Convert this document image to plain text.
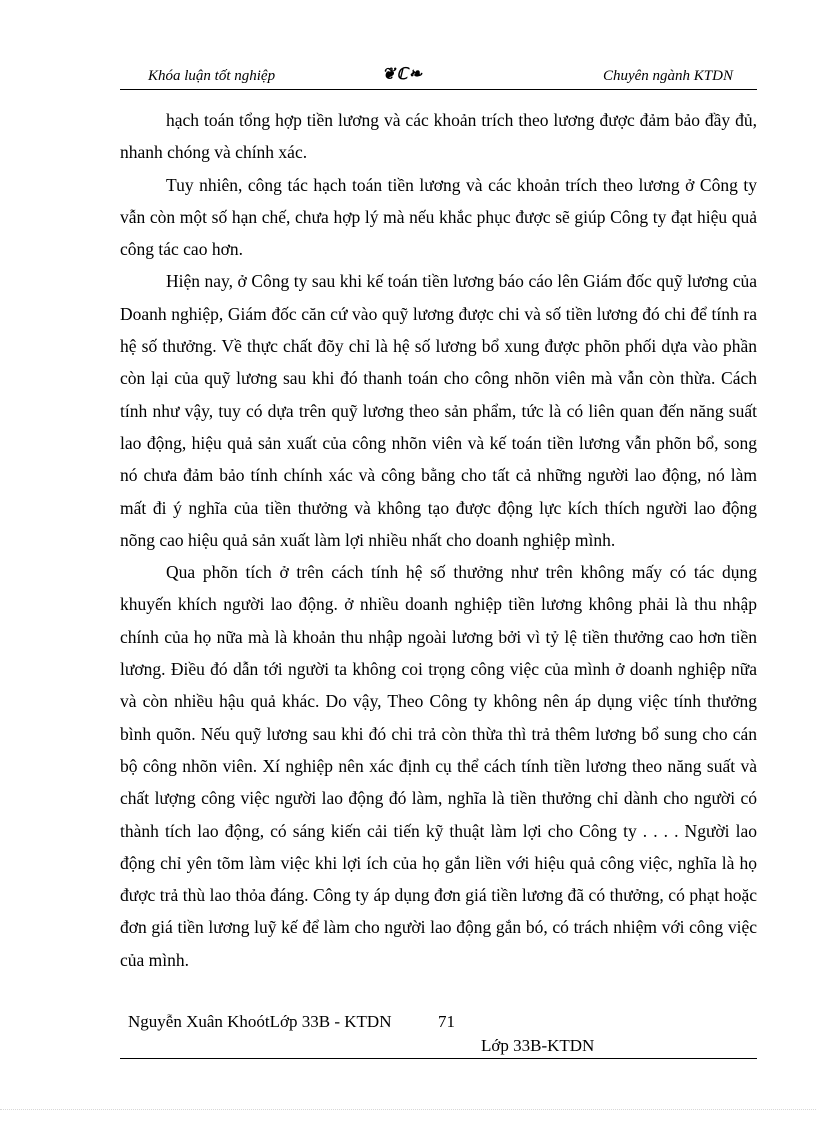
Khóa luận tốt nghiệp	❦ℂ❧	Chuyên ngành KTDN

hạch toán tổng hợp tiền lương và các khoản trích theo lương được đảm bảo đầy đủ, nhanh chóng và chính xác.

Tuy nhiên, công tác hạch toán tiền lương và các khoản trích theo lương ở Công ty vẫn còn một số hạn chế, chưa hợp lý mà nếu khắc phục được sẽ giúp Công ty đạt hiệu quả công tác cao hơn.

Hiện nay, ở Công ty sau khi kế toán tiền lương báo cáo lên Giám đốc quỹ lương của Doanh nghiệp, Giám đốc căn cứ vào quỹ lương được chi và số tiền lương đó chi để tính ra hệ số thưởng. Về thực chất đõy chỉ là hệ số lương bổ xung được phõn phối dựa vào phần còn lại của quỹ lương sau khi đó thanh toán cho công nhõn viên mà vẫn còn thừa. Cách tính như vậy, tuy có dựa trên quỹ lương theo sản phẩm, tức là có liên quan đến năng suất lao động, hiệu quả sản xuất của công nhõn viên và kế toán tiền lương vẫn phõn bổ, song nó chưa đảm bảo tính chính xác và công bằng cho tất cả những người lao động, nó làm mất đi ý nghĩa của tiền thưởng và không tạo được động lực kích thích người lao động nõng cao hiệu quả sản xuất làm lợi nhiều nhất cho doanh nghiệp mình.

Qua phõn tích ở trên cách tính hệ số thưởng như trên không mấy có tác dụng khuyến khích người lao động. ở nhiều doanh nghiệp tiền lương không phải là thu nhập chính của họ nữa mà là khoản thu nhập ngoài lương bởi vì tỷ lệ tiền thưởng cao hơn tiền lương. Điều đó dẫn tới người ta không coi trọng công việc của mình ở doanh nghiệp nữa và còn nhiều hậu quả khác. Do vậy, Theo Công ty không nên áp dụng việc tính thưởng bình quõn. Nếu quỹ lương sau khi đó chi trả còn thừa thì trả thêm lương bổ sung cho cán bộ công nhõn viên. Xí nghiệp nên xác định cụ thể cách tính tiền lương theo năng suất và chất lượng công việc người lao động đó làm, nghĩa là tiền thưởng chỉ dành cho người có thành tích lao động, có sáng kiến cải tiến kỹ thuật làm lợi cho Công ty . . . . Người lao động chỉ yên tõm làm việc khi lợi ích của họ gắn liền với hiệu quả công việc, nghĩa là họ được trả thù lao thỏa đáng. Công ty áp dụng đơn giá tiền lương đã có thưởng, có phạt hoặc đơn giá tiền lương luỹ kế để làm cho người lao động gắn bó, có trách nhiệm với công việc của mình.

Nguyễn Xuân KhoótLớp 33B - KTDN	71
Lớp 33B-KTDN
